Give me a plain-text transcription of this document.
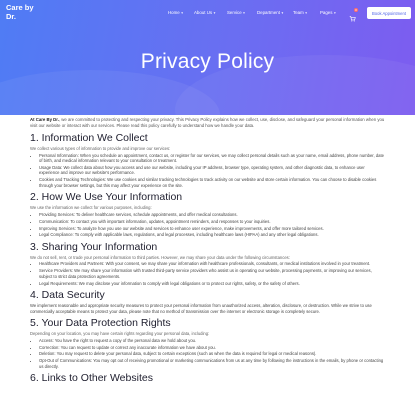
Privacy Policy
Care by
Dr.	Home ▾	About Us ▾	Service ▾	Department ▾ Team ▾	Pages ▾
0
Book Appointment

At Care By Dr., we are committed to protecting and respecting your privacy. This Privacy Policy explains how we collect, use, disclose, and safeguard your personal information when you visit our website or interact with our services. Please read this policy carefully to understand how we handle your data.

1. Information We Collect

We collect various types of information to provide and improve our services:

• Personal Information: When you schedule an appointment, contact us, or register for our services, we may collect personal details such as your name, email address, phone number, date of birth, and medical information relevant to your consultation or treatment.
• Usage Data: We collect data about how you access and use our website, including your IP address, browser type, operating system, and other diagnostic data, to enhance user experience and improve our website's performance.
• Cookies and Tracking Technologies: We use cookies and similar tracking technologies to track activity on our website and store certain information. You can choose to disable cookies through your browser settings, but this may affect your experience on the site.
2. How We Use Your Information

We use the information we collect for various purposes, including:

• Providing Services: To deliver healthcare services, schedule appointments, and offer medical consultations.
• Communication: To contact you with important information, updates, appointment reminders, and responses to your inquiries.
• Improving Services: To analyze how you use our website and services to enhance user experience, make improvements, and offer more tailored services.
• Legal Compliance: To comply with applicable laws, regulations, and legal processes, including healthcare laws (HIPAA) and any other legal obligations.
3. Sharing Your Information

We do not sell, rent, or trade your personal information to third parties. However, we may share your data under the following circumstances:

• Healthcare Providers and Partners: With your consent, we may share your information with healthcare professionals, consultants, or medical institutions involved in your treatment.
• Service Providers: We may share your information with trusted third-party service providers who assist us in operating our website, processing payments, or improving our services, subject to strict data protection agreements.
• Legal Requirements: We may disclose your information to comply with legal obligations or to protect our rights, safety, or the safety of others.
4. Data Security

We implement reasonable and appropriate security measures to protect your personal information from unauthorized access, alteration, disclosure, or destruction. While we strive to use commercially acceptable means to protect your data, please note that no method of transmission over the internet or electronic storage is completely secure.

5. Your Data Protection Rights

Depending on your location, you may have certain rights regarding your personal data, including:

• Access: You have the right to request a copy of the personal data we hold about you.
• Correction: You can request to update or correct any inaccurate information we have about you.
• Deletion: You may request to delete your personal data, subject to certain exceptions (such as when the data is required for legal or medical reasons).
• Opt-Out of Communications: You may opt out of receiving promotional or marketing communications from us at any time by following the instructions in the emails, by phone or contacting us directly.
6. Links to Other Websites
